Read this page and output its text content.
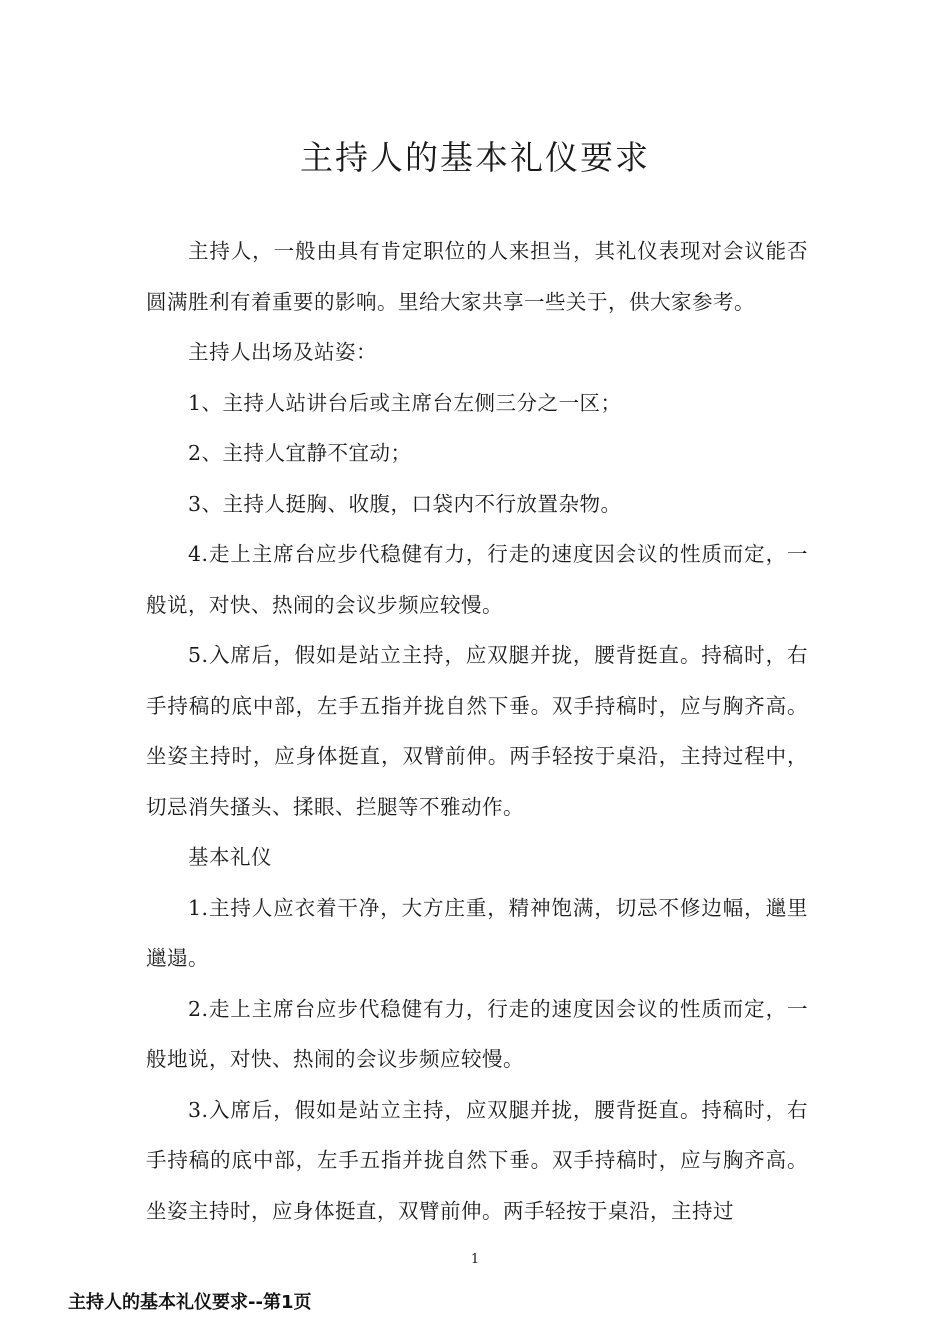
主持人的基本礼仪要求

主持人，一般由具有肯定职位的人来担当，其礼仪表现对会议能否圆满胜利有着重要的影响。里给大家共享一些关于，供大家参考。

主持人出场及站姿：

1、主持人站讲台后或主席台左侧三分之一区；

2、主持人宜静不宜动；

3、主持人挺胸、收腹，口袋内不行放置杂物。

4.走上主席台应步代稳健有力，行走的速度因会议的性质而定，一般说，对快、热闹的会议步频应较慢。

5.入席后，假如是站立主持，应双腿并拢，腰背挺直。持稿时，右手持稿的底中部，左手五指并拢自然下垂。双手持稿时，应与胸齐高。坐姿主持时，应身体挺直，双臂前伸。两手轻按于桌沿，主持过程中，切忌消失搔头、揉眼、拦腿等不雅动作。

基本礼仪

1.主持人应衣着干净，大方庄重，精神饱满，切忌不修边幅，邋里邋遢。

2.走上主席台应步代稳健有力，行走的速度因会议的性质而定，一般地说，对快、热闹的会议步频应较慢。

3.入席后，假如是站立主持，应双腿并拢，腰背挺直。持稿时，右手持稿的底中部，左手五指并拢自然下垂。双手持稿时，应与胸齐高。坐姿主持时，应身体挺直，双臂前伸。两手轻按于桌沿，主持过

1
主持人的基本礼仪要求--第1页
